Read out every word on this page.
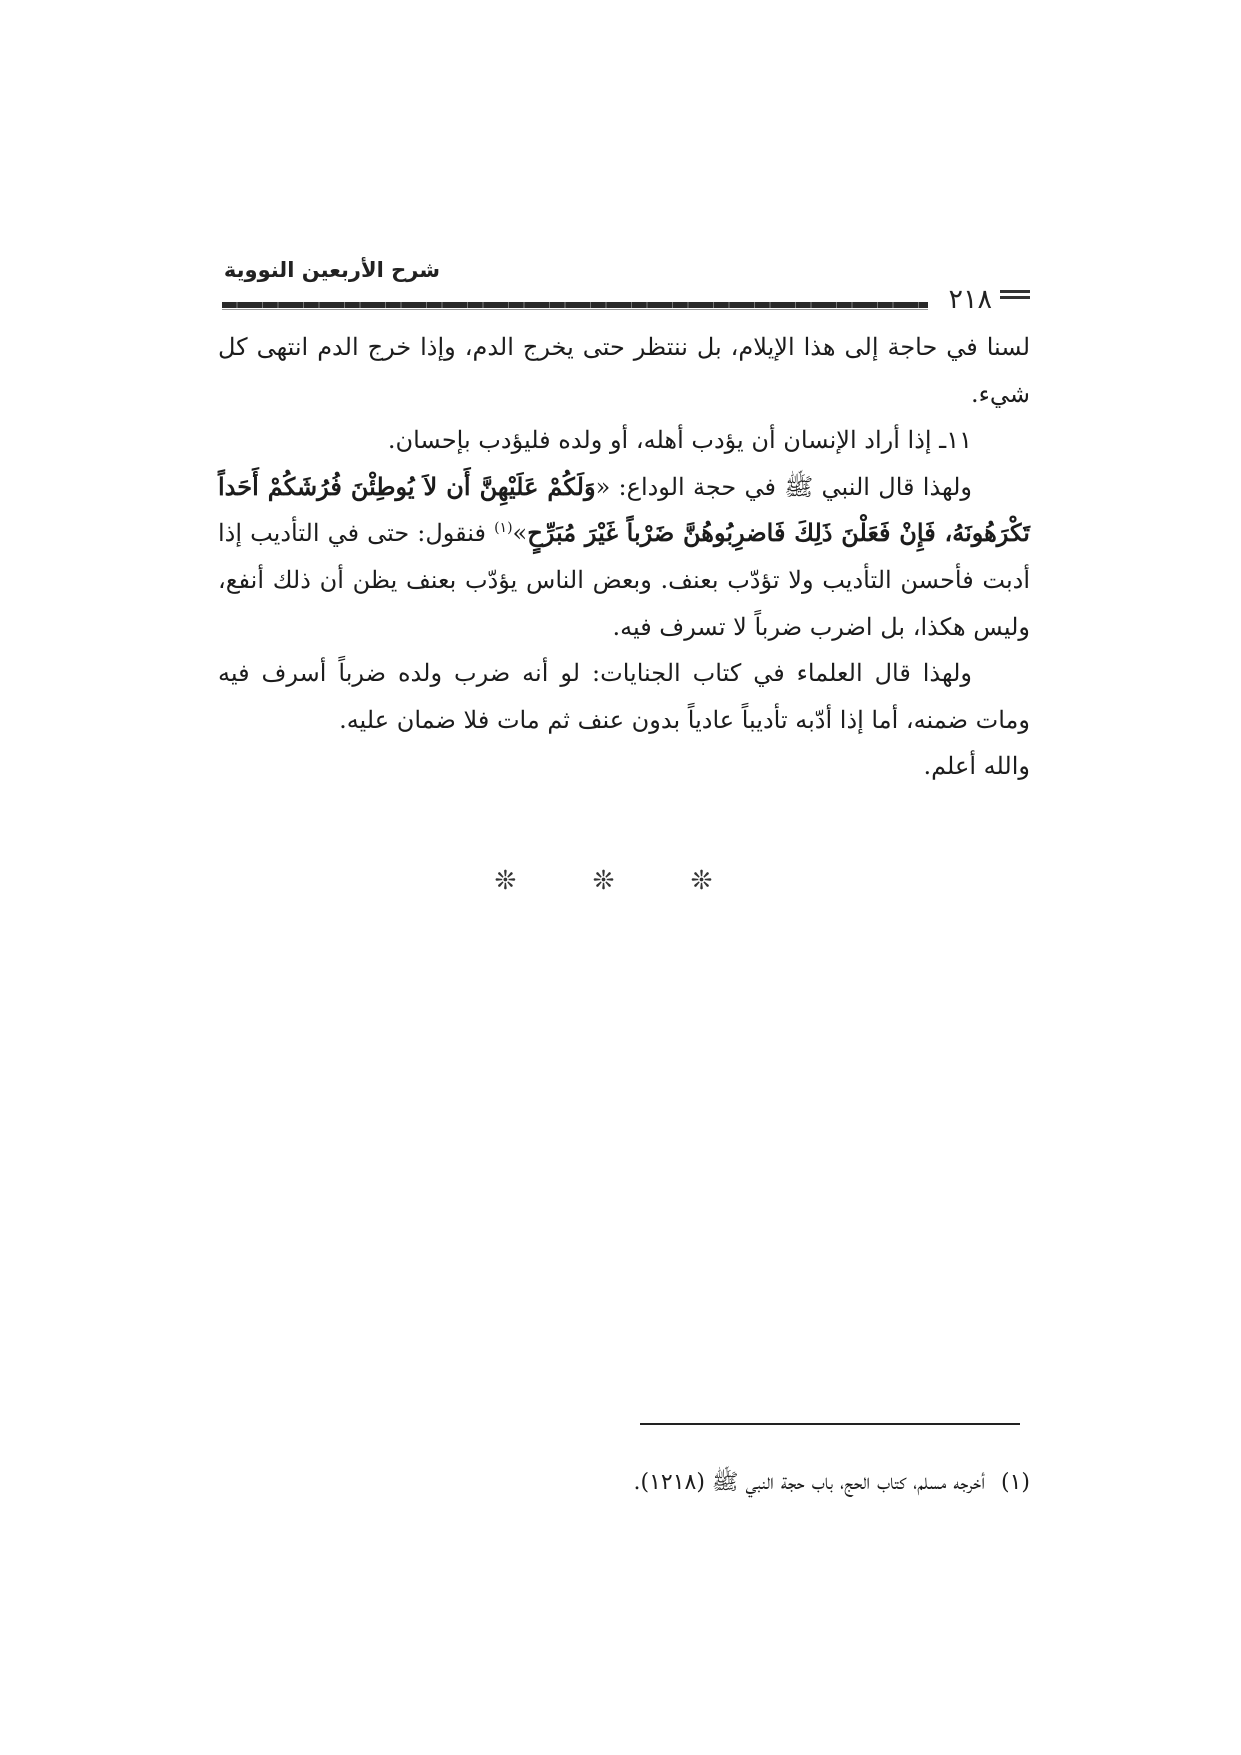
شرح الأربعين النووية
٢١٨

لسنا في حاجة إلى هذا الإيلام، بل ننتظر حتى يخرج الدم، وإذا خرج الدم انتهى كل شيء.

١١ـ إذا أراد الإنسان أن يؤدب أهله، أو ولده فليؤدب بإحسان.

ولهذا قال النبي ﷺ في حجة الوداع: «وَلَكُمْ عَلَيْهِنَّ أَن لاَ يُوطِئْنَ فُرُشَكُمْ أَحَداً تَكْرَهُونَهُ، فَإِنْ فَعَلْنَ ذَلِكَ فَاضرِبُوهُنَّ ضَرْباً غَيْرَ مُبَرِّحٍ»$^{(١)}$ فنقول: حتى في التأديب إذا أدبت فأحسن التأديب ولا تؤدّب بعنف. وبعض الناس يؤدّب بعنف يظن أن ذلك أنفع، وليس هكذا، بل اضرب ضرباً لا تسرف فيه.

ولهذا قال العلماء في كتاب الجنايات: لو أنه ضرب ولده ضرباً أسرف فيه ومات ضمنه، أما إذا أدّبه تأديباً عادياً بدون عنف ثم مات فلا ضمان عليه.

والله أعلم.

❊ ❊ ❊
(١)أخرجه مسلم، كتاب الحج، باب حجة النبي ﷺ (١٢١٨).
